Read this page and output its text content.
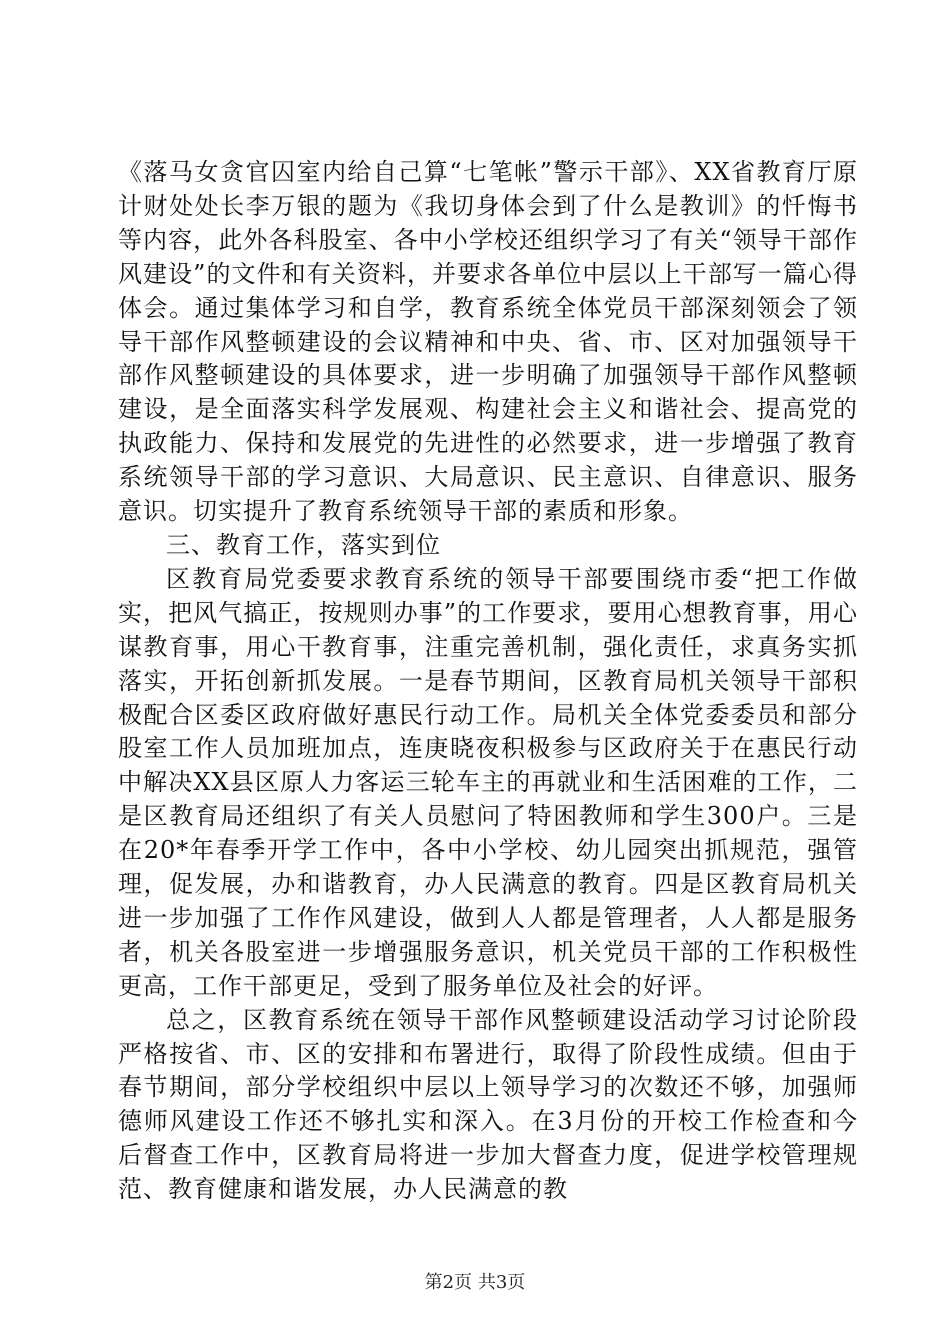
《落马女贪官囚室内给自己算“七笔帐”警示干部》、XX省教育厅原计财处处长李万银的题为《我切身体会到了什么是教训》的忏悔书等内容，此外各科股室、各中小学校还组织学习了有关“领导干部作风建设”的文件和有关资料，并要求各单位中层以上干部写一篇心得体会。通过集体学习和自学，教育系统全体党员干部深刻领会了领导干部作风整顿建设的会议精神和中央、省、市、区对加强领导干部作风整顿建设的具体要求，进一步明确了加强领导干部作风整顿建设，是全面落实科学发展观、构建社会主义和谐社会、提高党的执政能力、保持和发展党的先进性的必然要求，进一步增强了教育系统领导干部的学习意识、大局意识、民主意识、自律意识、服务意识。切实提升了教育系统领导干部的素质和形象。

三、教育工作，落实到位

区教育局党委要求教育系统的领导干部要围绕市委“把工作做实，把风气搞正，按规则办事”的工作要求，要用心想教育事，用心谋教育事，用心干教育事，注重完善机制，强化责任，求真务实抓落实，开拓创新抓发展。一是春节期间，区教育局机关领导干部积极配合区委区政府做好惠民行动工作。局机关全体党委委员和部分股室工作人员加班加点，连庚晓夜积极参与区政府关于在惠民行动中解决XX县区原人力客运三轮车主的再就业和生活困难的工作，二是区教育局还组织了有关人员慰问了特困教师和学生300户。三是在20*年春季开学工作中，各中小学校、幼儿园突出抓规范，强管理，促发展，办和谐教育，办人民满意的教育。四是区教育局机关进一步加强了工作作风建设，做到人人都是管理者，人人都是服务者，机关各股室进一步增强服务意识，机关党员干部的工作积极性更高，工作干部更足，受到了服务单位及社会的好评。

总之，区教育系统在领导干部作风整顿建设活动学习讨论阶段严格按省、市、区的安排和布署进行，取得了阶段性成绩。但由于春节期间，部分学校组织中层以上领导学习的次数还不够，加强师德师风建设工作还不够扎实和深入。在3月份的开校工作检查和今后督查工作中，区教育局将进一步加大督查力度，促进学校管理规范、教育健康和谐发展，办人民满意的教

第2页 共3页
